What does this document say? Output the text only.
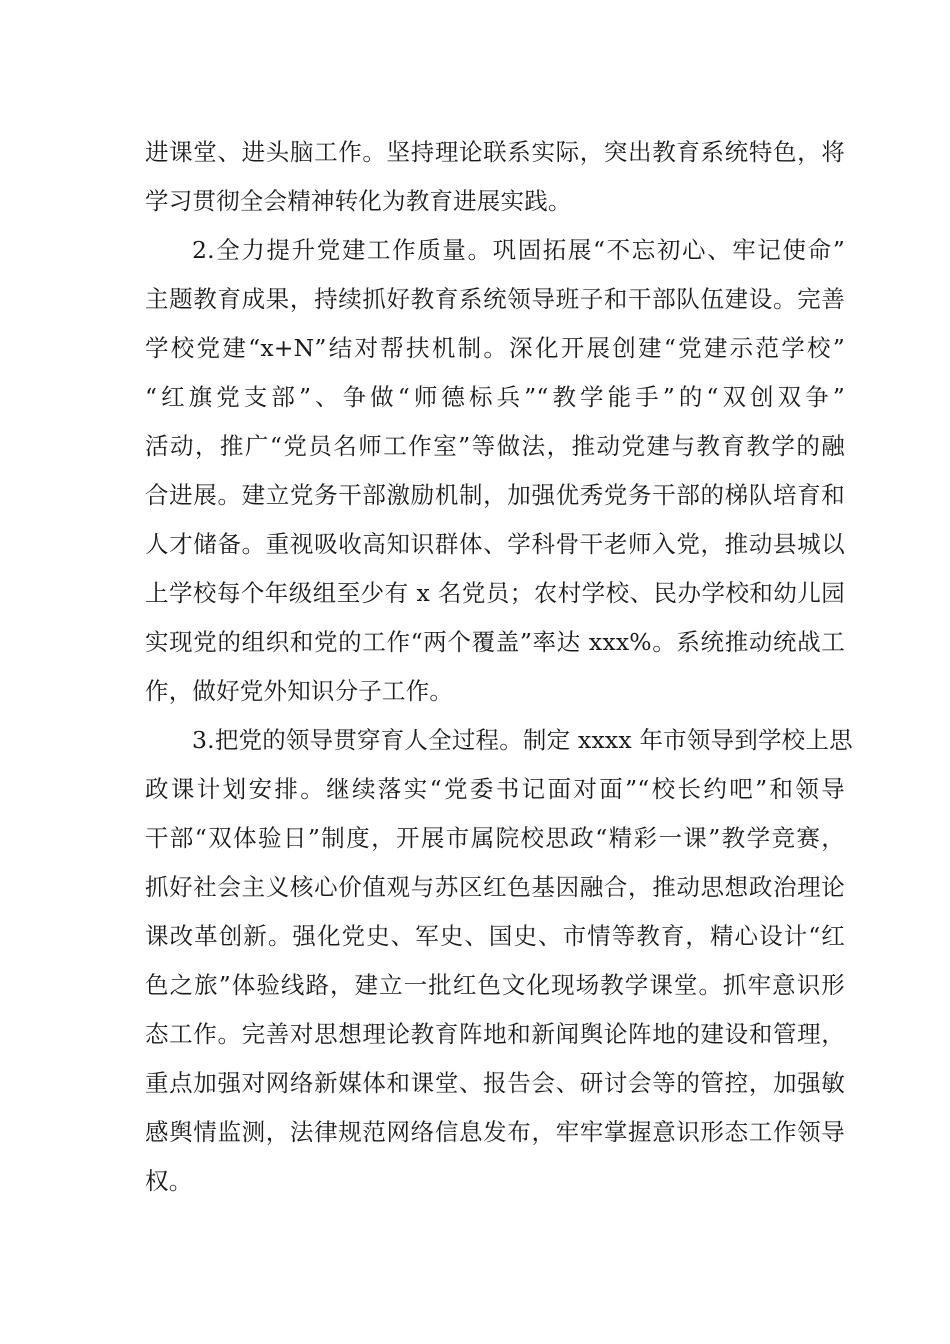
进课堂、进头脑工作。坚持理论联系实际，突出教育系统特色，将
学习贯彻全会精神转化为教育进展实践。
2.全力提升党建工作质量。巩固拓展“不忘初心、牢记使命”
主题教育成果，持续抓好教育系统领导班子和干部队伍建设。完善
学校党建“x+N”结对帮扶机制。深化开展创建“党建示范学校”
“红旗党支部”、争做“师德标兵”“教学能手”的“双创双争”
活动，推广“党员名师工作室”等做法，推动党建与教育教学的融
合进展。建立党务干部激励机制，加强优秀党务干部的梯队培育和
人才储备。重视吸收高知识群体、学科骨干老师入党，推动县城以
上学校每个年级组至少有 x 名党员；农村学校、民办学校和幼儿园
实现党的组织和党的工作“两个覆盖”率达 xxx%。系统推动统战工
作，做好党外知识分子工作。
3.把党的领导贯穿育人全过程。制定 xxxx 年市领导到学校上思
政课计划安排。继续落实“党委书记面对面”“校长约吧”和领导
干部“双体验日”制度，开展市属院校思政“精彩一课”教学竞赛，
抓好社会主义核心价值观与苏区红色基因融合，推动思想政治理论
课改革创新。强化党史、军史、国史、市情等教育，精心设计“红
色之旅”体验线路，建立一批红色文化现场教学课堂。抓牢意识形
态工作。完善对思想理论教育阵地和新闻舆论阵地的建设和管理，
重点加强对网络新媒体和课堂、报告会、研讨会等的管控，加强敏
感舆情监测，法律规范网络信息发布，牢牢掌握意识形态工作领导
权。
